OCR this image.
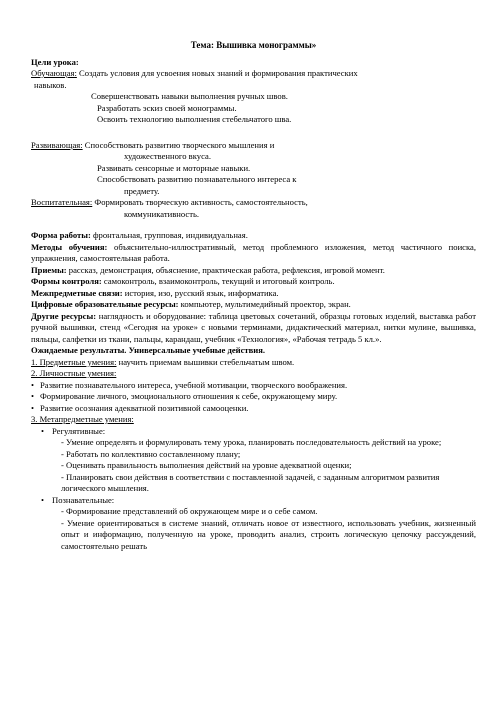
Тема: Вышивка монограммы»
Цели урока:
Обучающая: Создать условия для усвоения новых знаний и формирования практических
навыков.
Совершенствовать навыки выполнения ручных швов.
Разработать эскиз своей монограммы.
Освоить технологию выполнения стебельчатого шва.
Развивающая: Способствовать развитию творческого мышления и
художественного вкуса.
Развивать сенсорные и моторные навыки.
Способствовать развитию познавательного интереса к
предмету.
Воспитательная: Формировать творческую активность, самостоятельность,
коммуникативность.
Форма работы: фронтальная, групповая, индивидуальная.
Методы обучения: объяснительно-иллюстративный, метод проблемного изложения, метод частичного поиска, упражнения, самостоятельная работа.
Приемы: рассказ, демонстрация, объяснение, практическая работа, рефлексия, игровой момент.
Формы контроля: самоконтроль, взаимоконтроль, текущий и итоговый контроль.
Межпредметные связи: история, изо, русский язык, информатика.
Цифровые образовательные ресурсы: компьютер, мультимедийный проектор, экран.
Другие ресурсы: наглядность и оборудование: таблица цветовых сочетаний, образцы готовых изделий, выставка работ ручной вышивки, стенд «Сегодня на уроке» с новыми терминами, дидактический материал, нитки мулине, вышивка, пяльцы, салфетки из ткани, пальцы, карандаш, учебник «Технология», «Рабочая тетрадь 5 кл.».
Ожидаемые результаты. Универсальные учебные действия.
1. Предметные умения: научить приемам вышивки стебельчатым швом.
2. Личностные умения:
• Развитие познавательного интереса, учебной мотивации, творческого воображения.
• Формирование личного, эмоционального отношения к себе, окружающему миру.
• Развитие осознания адекватной позитивной самооценки.
3. Метапредметные умения:
• Регулятивные:
- Умение определять и формулировать тему урока, планировать последовательность действий на уроке;
- Работать по коллективно составленному плану;
- Оценивать правильность выполнения действий на уровне адекватной оценки;
- Планировать свои действия в соответствии с поставленной задачей, с заданным алгоритмом развития логического мышления.
• Познавательные:
- Формирование представлений об окружающем мире и о себе самом.
- Умение ориентироваться в системе знаний, отличать новое от известного, использовать учебник, жизненный опыт и информацию, полученную на уроке, проводить анализ, строить логическую цепочку рассуждений, самостоятельно решать
